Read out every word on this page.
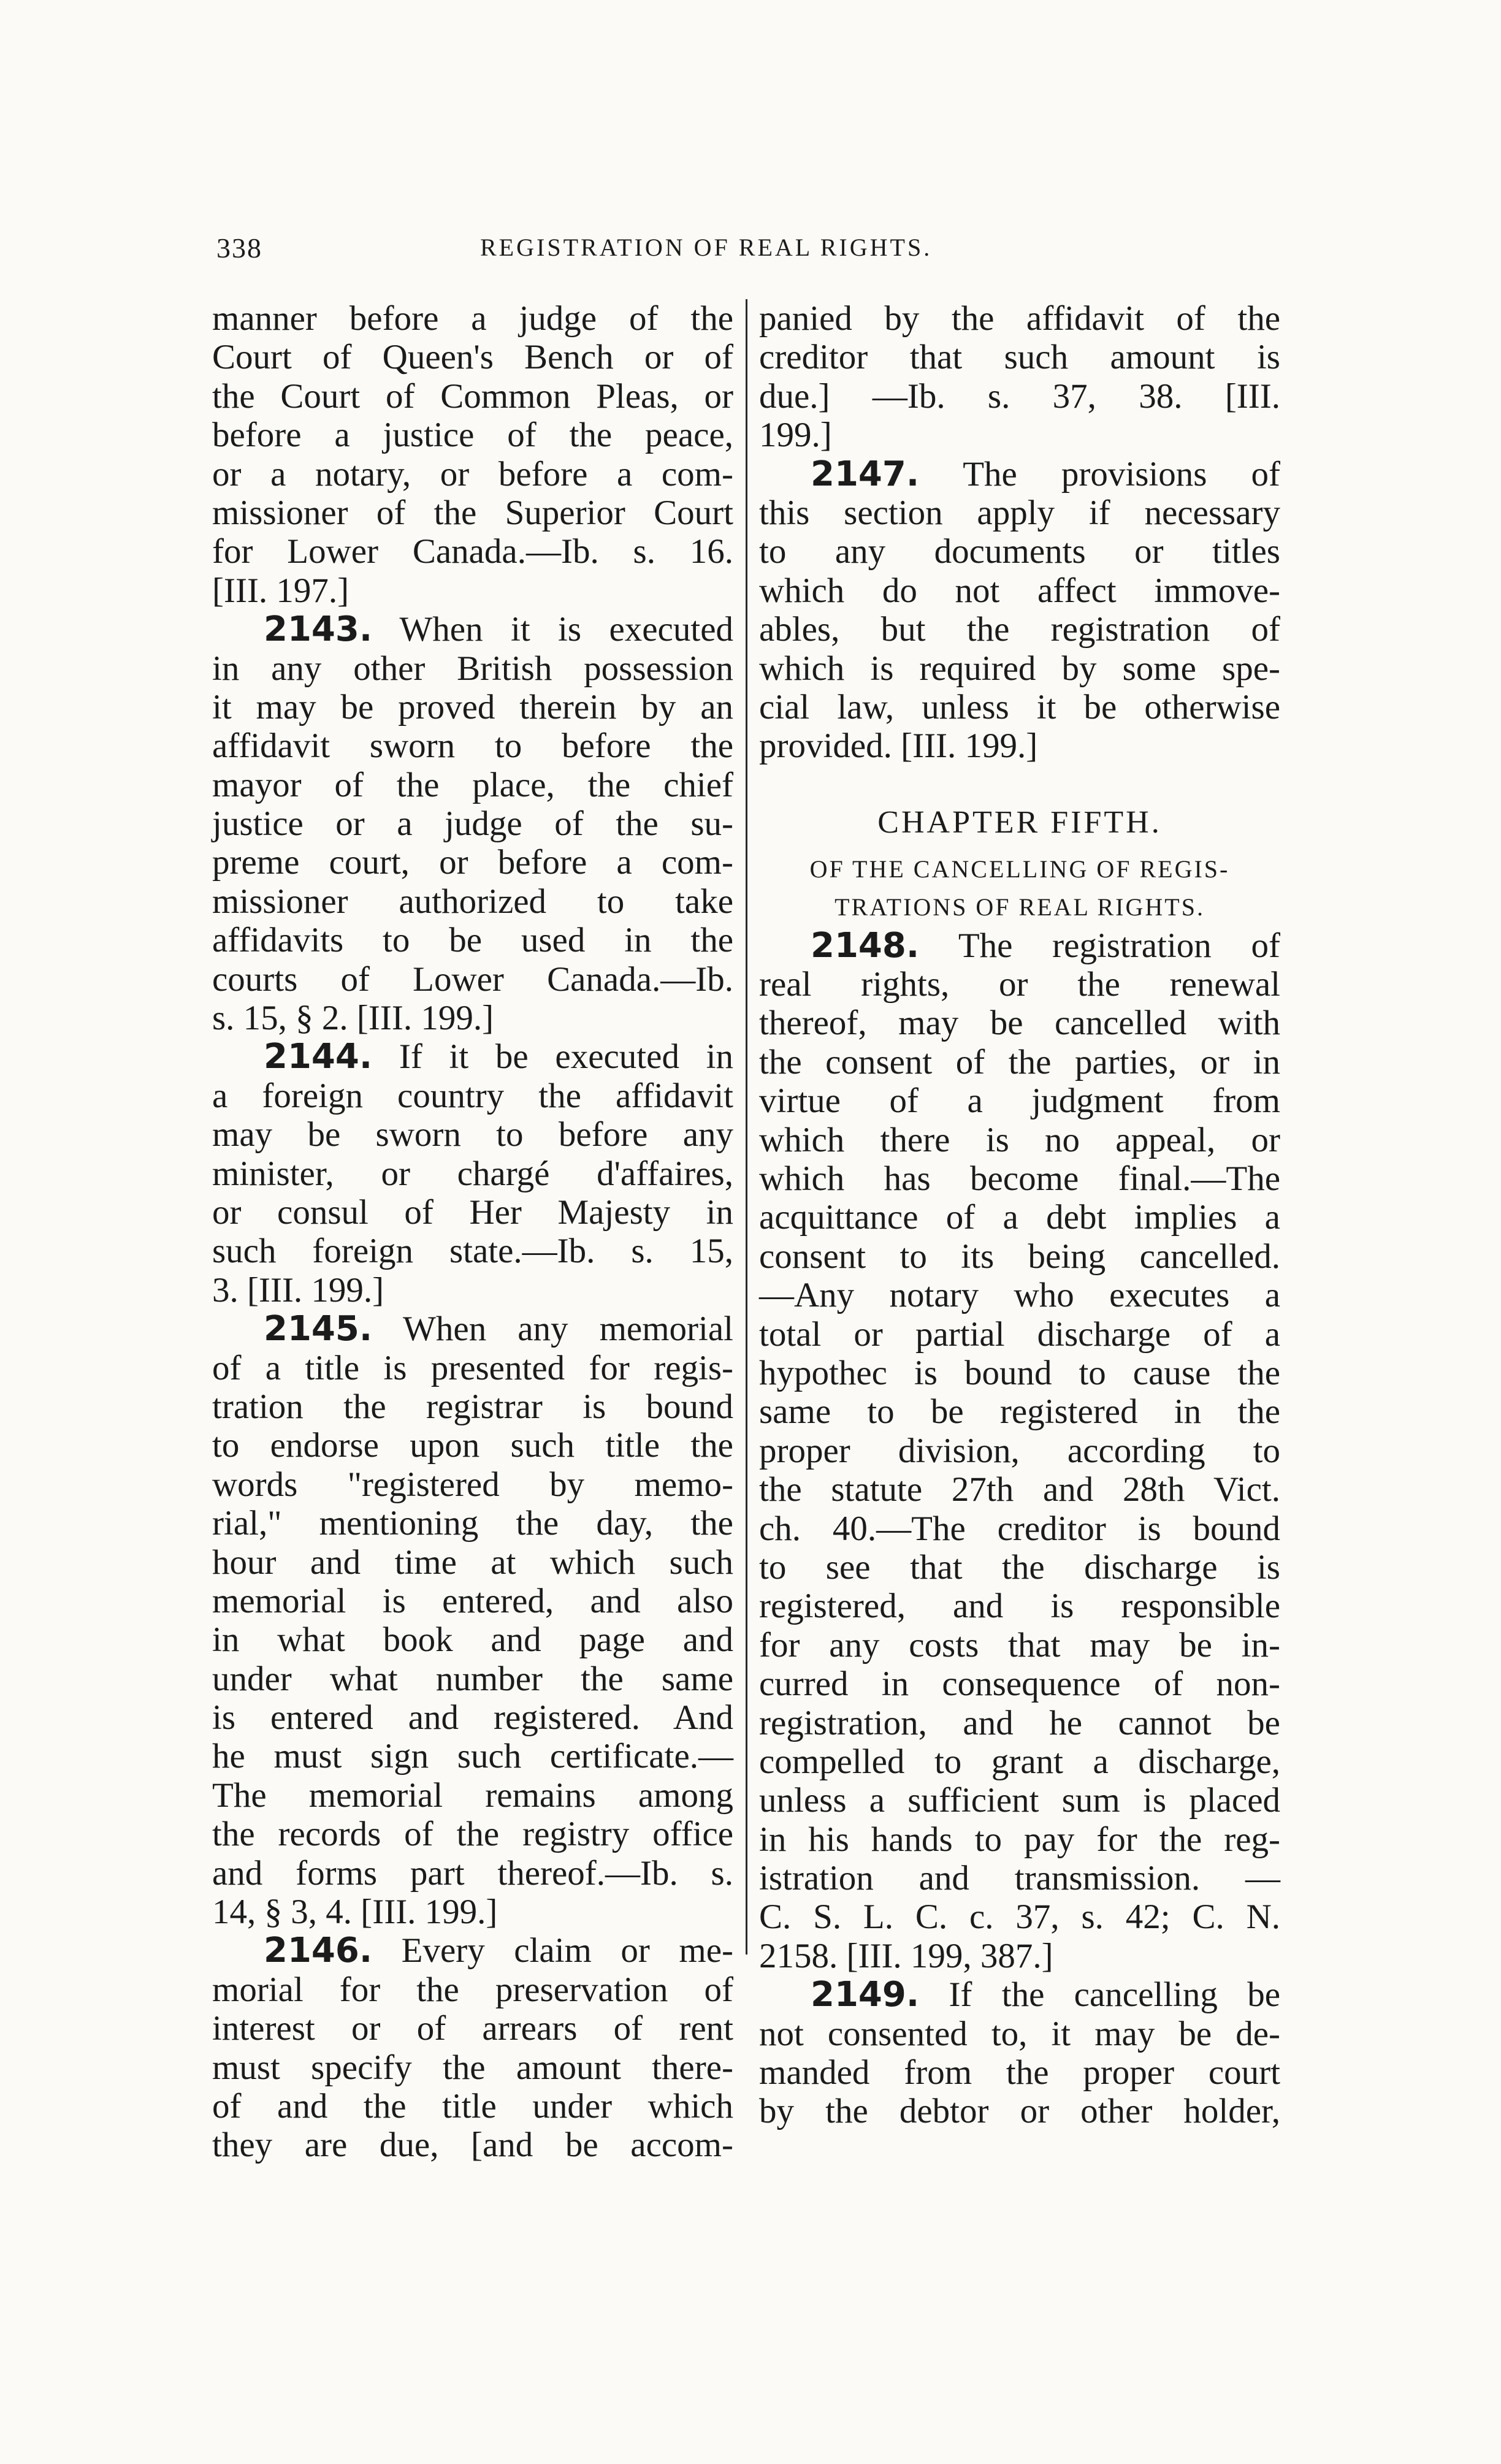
338	REGISTRATION OF REAL RIGHTS.
manner before a judge of the
Court of Queen's Bench or of
the Court of Common Pleas, or
before a justice of the peace,
or a notary, or before a com-
missioner of the Superior Court
for Lower Canada.—Ib. s. 16.
[III. 197.]
2143. When it is executed
in any other British possession
it may be proved therein by an
affidavit sworn to before the
mayor of the place, the chief
justice or a judge of the su-
preme court, or before a com-
missioner authorized to take
affidavits to be used in the
courts of Lower Canada.—Ib.
s. 15, § 2. [III. 199.]
2144. If it be executed in
a foreign country the affidavit
may be sworn to before any
minister, or chargé d'affaires,
or consul of Her Majesty in
such foreign state.—Ib. s. 15,
3. [III. 199.]
2145. When any memorial
of a title is presented for regis-
tration the registrar is bound
to endorse upon such title the
words "registered by memo-
rial," mentioning the day, the
hour and time at which such
memorial is entered, and also
in what book and page and
under what number the same
is entered and registered. And
he must sign such certificate.—
The memorial remains among
the records of the registry office
and forms part thereof.—Ib. s.
14, § 3, 4. [III. 199.]
2146. Every claim or me-
morial for the preservation of
interest or of arrears of rent
must specify the amount there-
of and the title under which
they are due, [and be accom-
panied by the affidavit of the
creditor that such amount is
due.] —Ib. s. 37, 38. [III.
199.]
2147. The provisions of
this section apply if necessary
to any documents or titles
which do not affect immove-
ables, but the registration of
which is required by some spe-
cial law, unless it be otherwise
provided. [III. 199.]
CHAPTER FIFTH.
OF THE CANCELLING OF REGIS-
TRATIONS OF REAL RIGHTS.
2148. The registration of
real rights, or the renewal
thereof, may be cancelled with
the consent of the parties, or in
virtue of a judgment from
which there is no appeal, or
which has become final.—The
acquittance of a debt implies a
consent to its being cancelled.
—Any notary who executes a
total or partial discharge of a
hypothec is bound to cause the
same to be registered in the
proper division, according to
the statute 27th and 28th Vict.
ch. 40.—The creditor is bound
to see that the discharge is
registered, and is responsible
for any costs that may be in-
curred in consequence of non-
registration, and he cannot be
compelled to grant a discharge,
unless a sufficient sum is placed
in his hands to pay for the reg-
istration and transmission. —
C. S. L. C. c. 37, s. 42; C. N.
2158. [III. 199, 387.]
2149. If the cancelling be
not consented to, it may be de-
manded from the proper court
by the debtor or other holder,
